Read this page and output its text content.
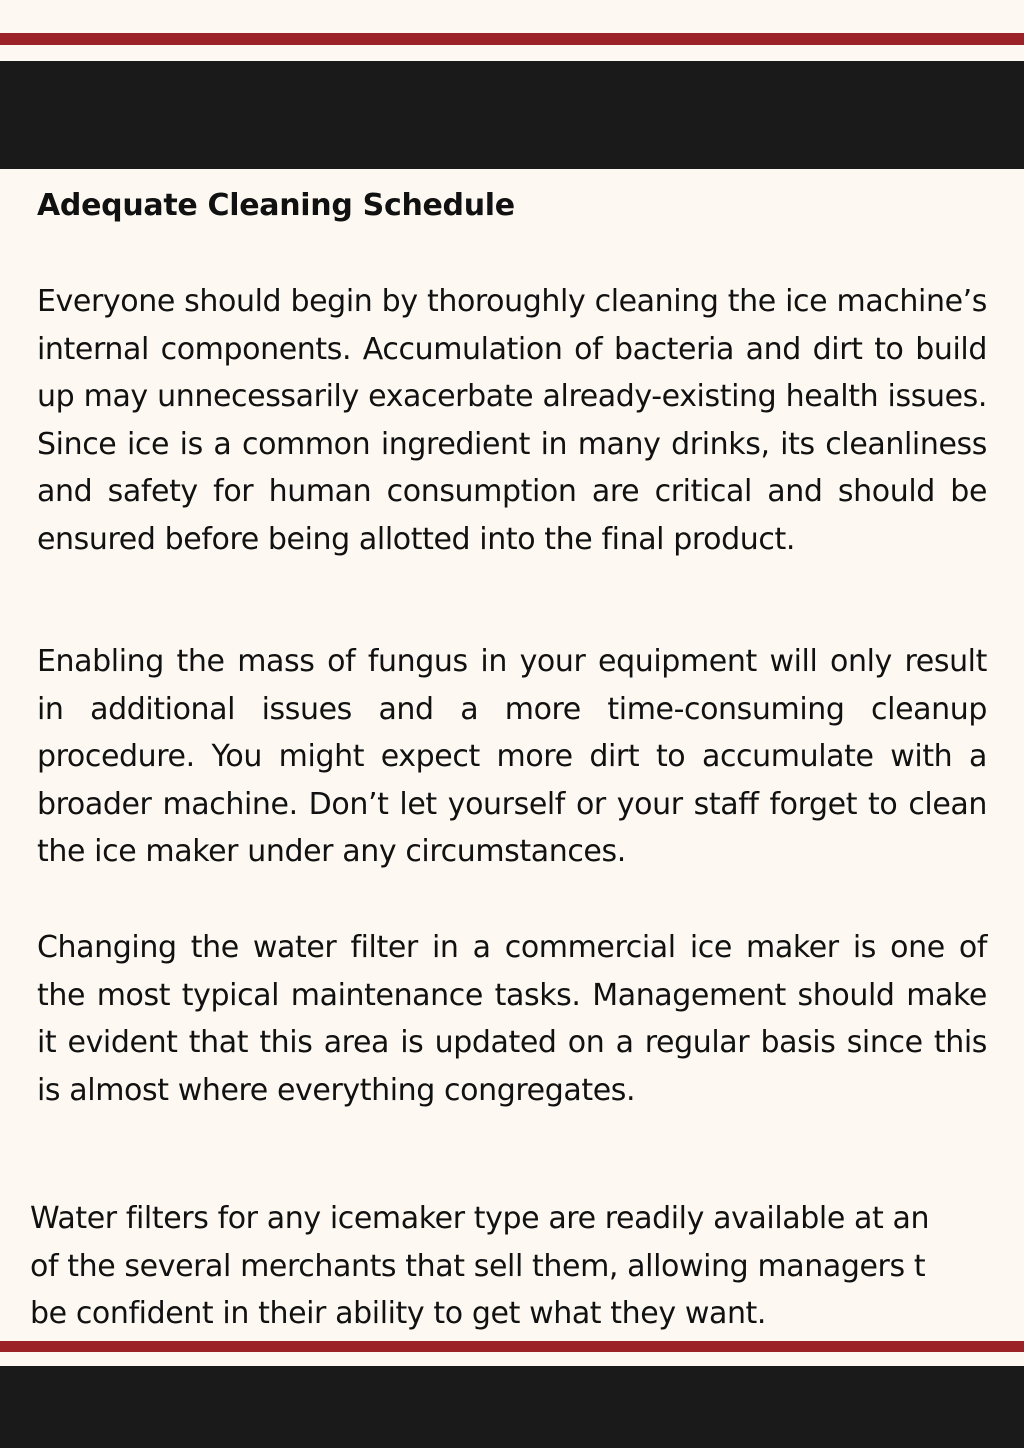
Adequate Cleaning Schedule

Everyone should begin by thoroughly cleaning the ice machine’s internal components. Accumulation of bacteria and dirt to build up may unnecessarily exacerbate already-existing health issues. Since ice is a common ingredient in many drinks, its cleanliness and safety for human consumption are critical and should be ensured before being allotted into the final product.

Enabling the mass of fungus in your equipment will only result in additional issues and a more time-consuming cleanup procedure. You might expect more dirt to accumulate with a broader machine. Don’t let yourself or your staff forget to clean the ice maker under any circumstances.

Changing the water filter in a commercial ice maker is one of the most typical maintenance tasks. Management should make it evident that this area is updated on a regular basis since this is almost where everything congregates.

Water filters for any icemaker type are readily available at an
of the several merchants that sell them, allowing managers t
be confident in their ability to get what they want.
